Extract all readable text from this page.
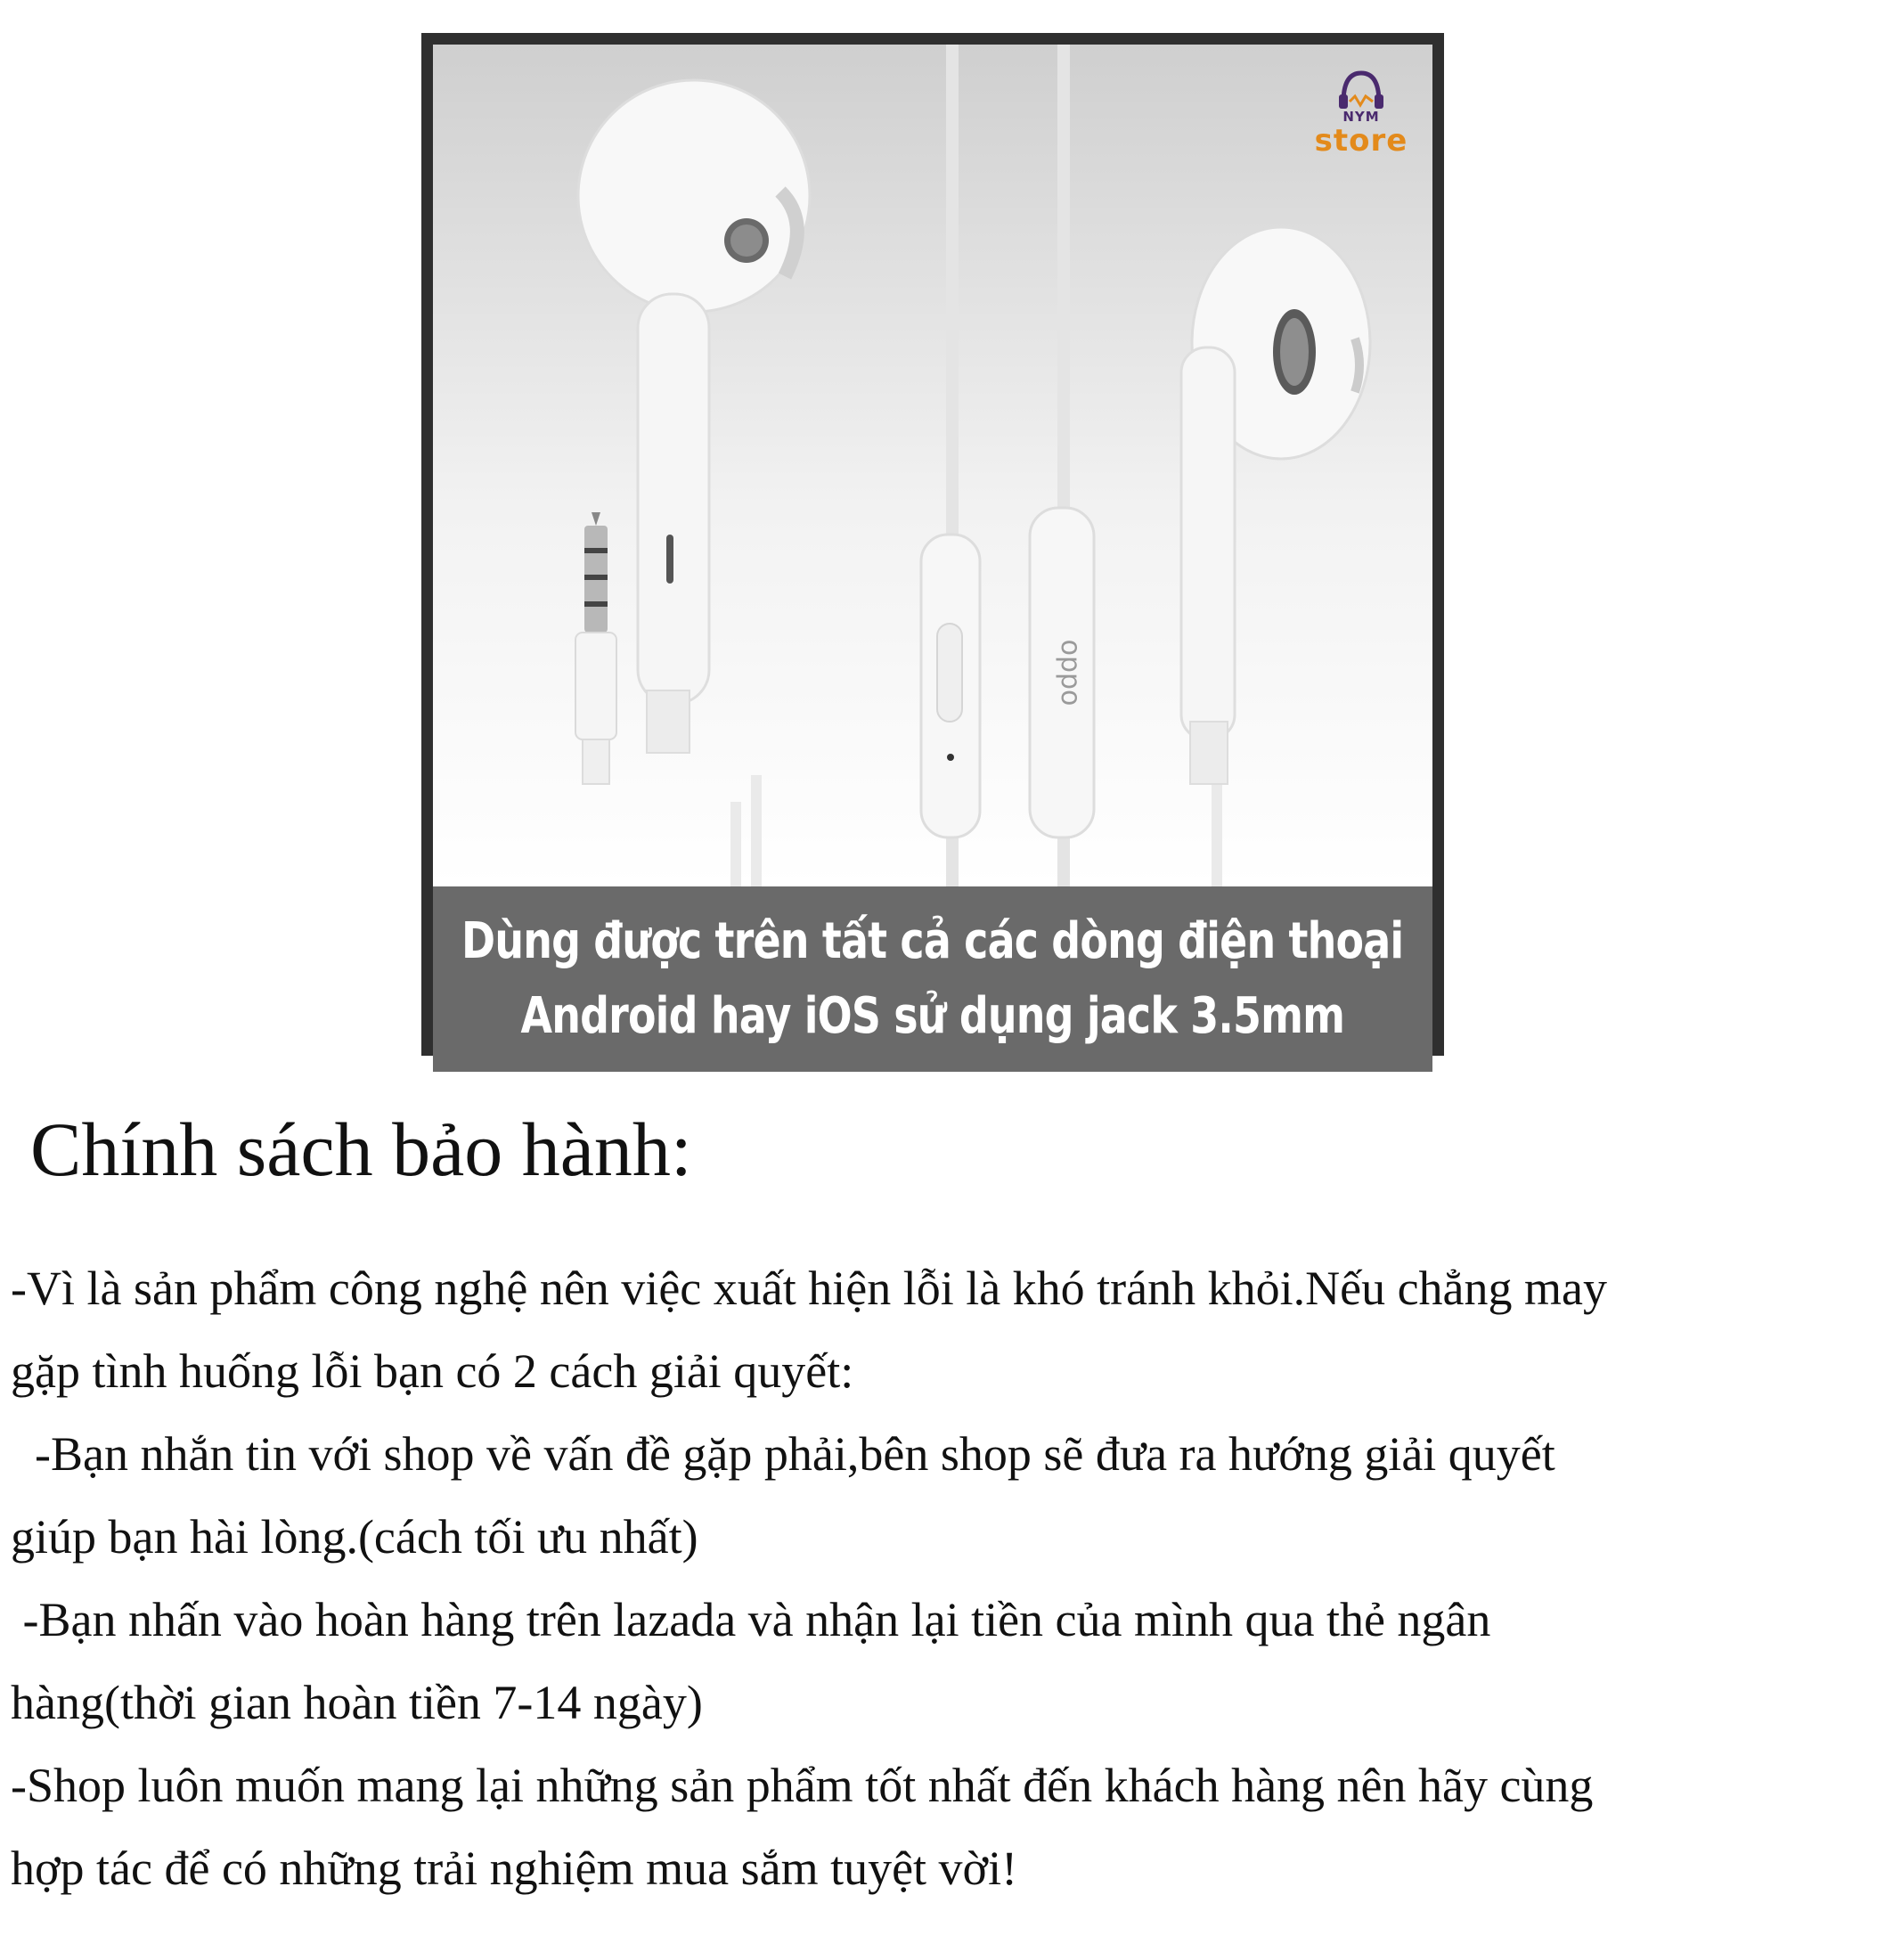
oppo
NYM
store
Dùng được trên tất cả các dòng điện thoại
Android hay iOS sử dụng jack 3.5mm
Chính sách bảo hành:

-Vì là sản phẩm công nghệ nên việc xuất hiện lỗi là khó tránh khỏi.Nếu chẳng may

gặp tình huống lỗi bạn có 2 cách giải quyết:

-Bạn nhắn tin với shop về vấn đề gặp phải,bên shop sẽ đưa ra hướng giải quyết

giúp bạn hài lòng.(cách tối ưu nhất)

-Bạn nhấn vào hoàn hàng trên lazada và nhận lại tiền của mình qua thẻ ngân

hàng(thời gian hoàn tiền 7-14 ngày)

-Shop luôn muốn mang lại những sản phẩm tốt nhất đến khách hàng nên hãy cùng

hợp tác để có những trải nghiệm mua sắm tuyệt vời!
